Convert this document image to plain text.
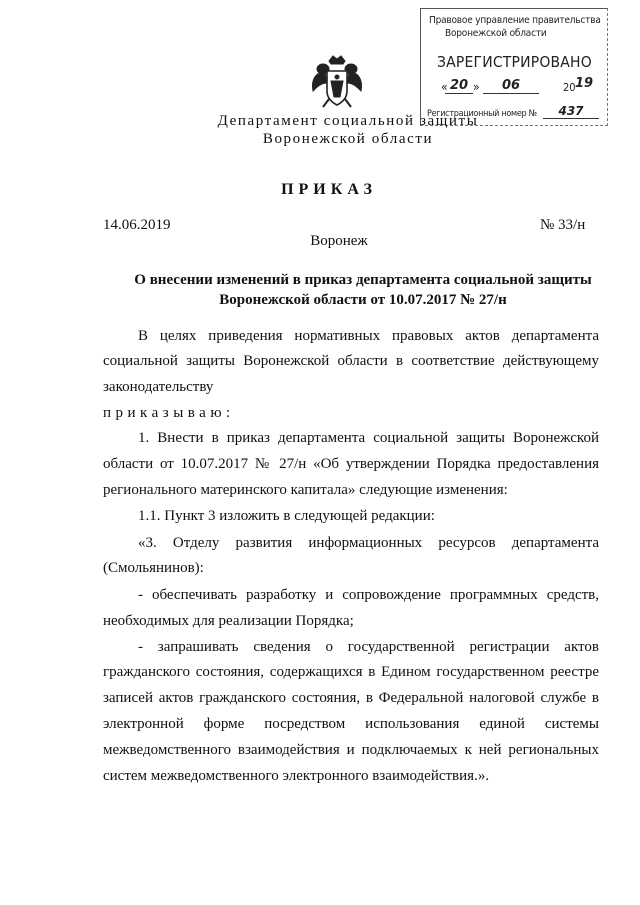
Правовое управление правительства
Воронежской области
ЗАРЕГИСТРИРОВАНО
« 20 »	06	20 19
Регистрационный номер №	437
Департамент социальной защиты
Воронежской области
ПРИКАЗ
14.06.2019	№ 33/н
Воронеж
О внесении изменений в приказ департамента социальной защиты
Воронежской области от 10.07.2017 № 27/н
В целях приведения нормативных правовых актов департамента
социальной защиты Воронежской области в соответствие действующему
законодательству
приказываю:
1. Внести в приказ департамента социальной защиты Воронежской
области от 10.07.2017 № 27/н «Об утверждении Порядка предоставления
регионального материнского капитала» следующие изменения:
1.1. Пункт 3 изложить в следующей редакции:
«3. Отделу развития информационных ресурсов департамента
(Смольянинов):
- обеспечивать разработку и сопровождение программных средств,
необходимых для реализации Порядка;
- запрашивать сведения о государственной регистрации актов
гражданского состояния, содержащихся в Едином государственном реестре
записей актов гражданского состояния, в Федеральной налоговой службе в
электронной форме посредством использования единой системы
межведомственного взаимодействия и подключаемых к ней региональных
систем межведомственного электронного взаимодействия.».
